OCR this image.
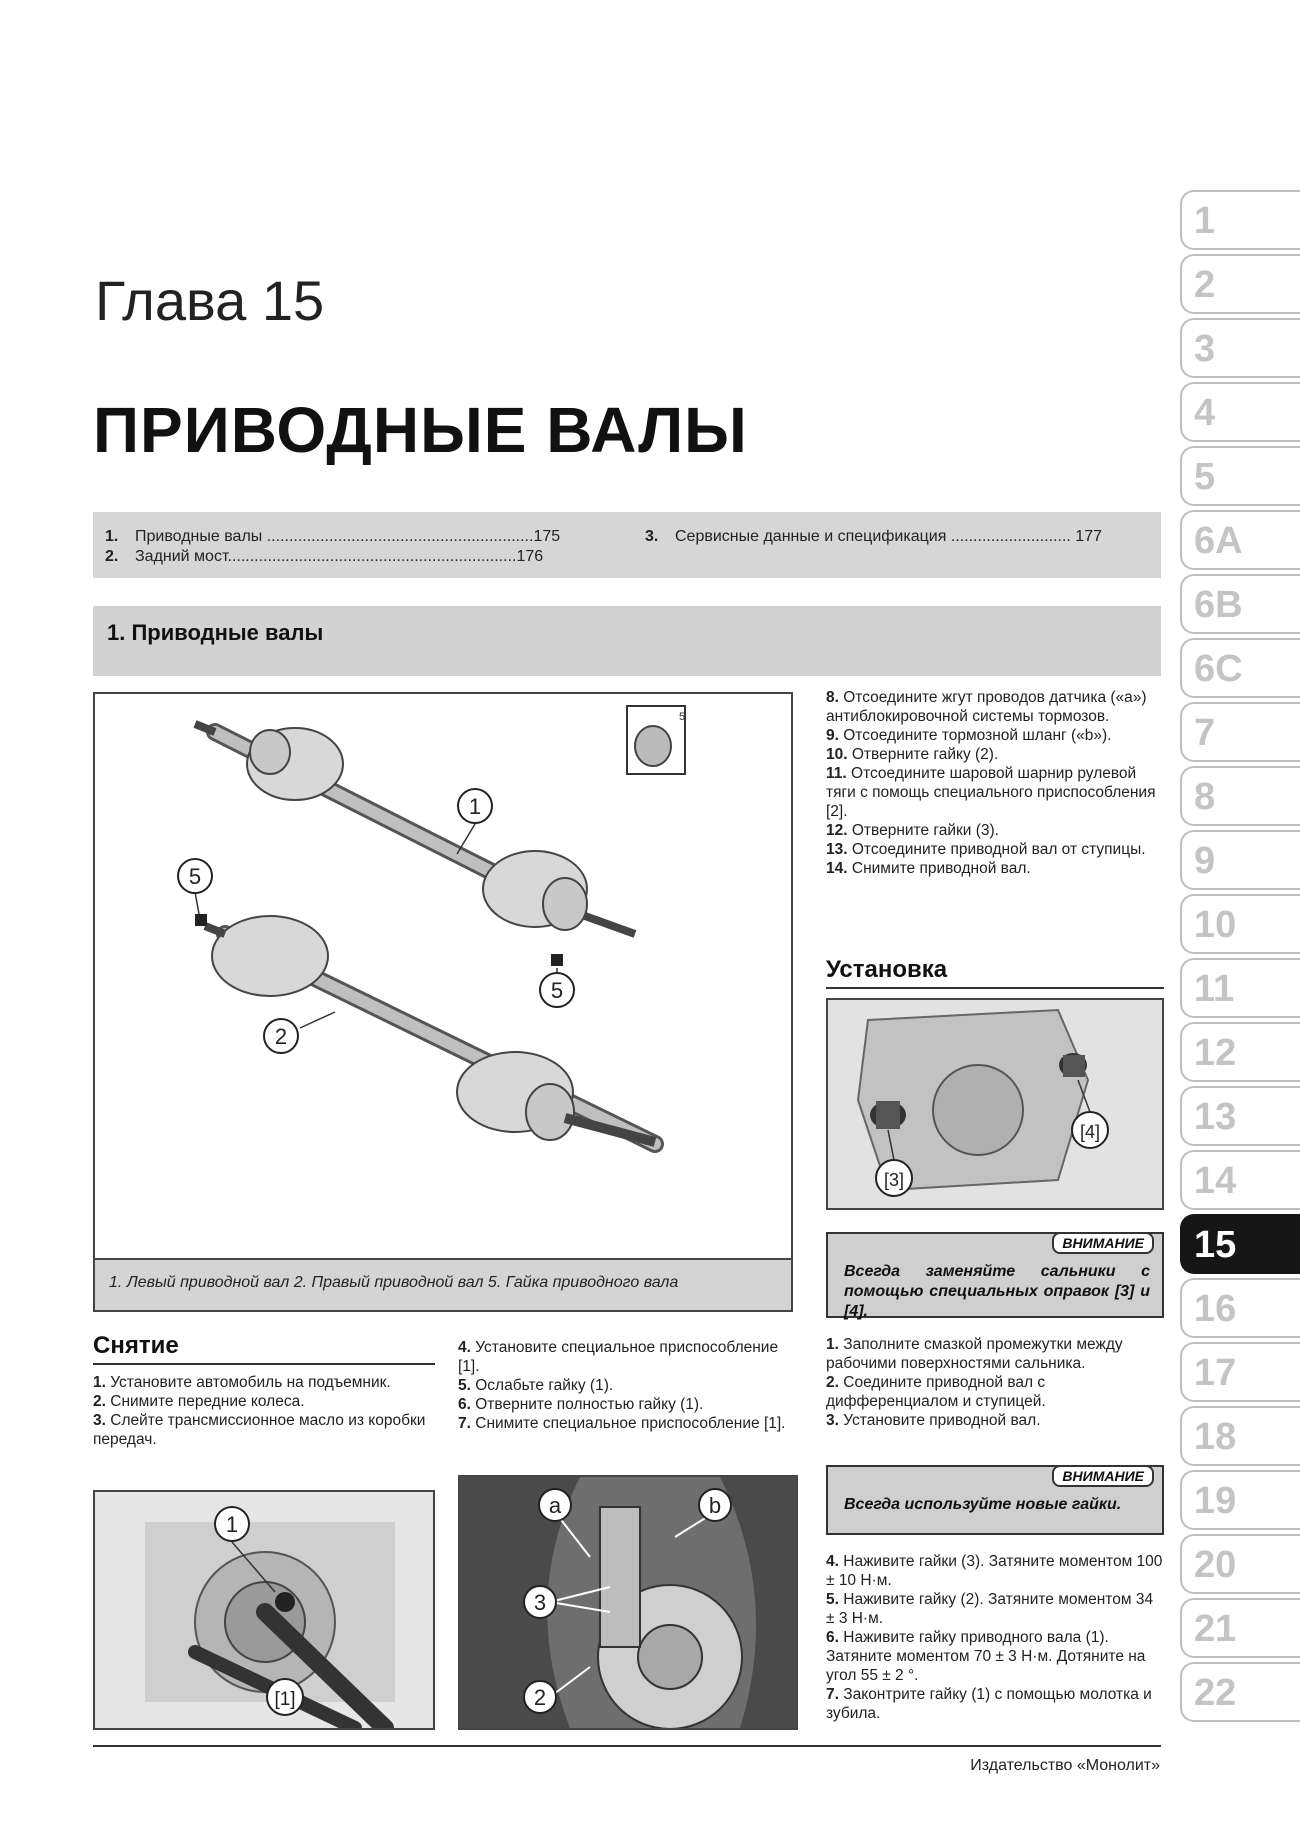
Глава 15
ПРИВОДНЫЕ ВАЛЫ
1. Приводные валы ............................................................175
2. Задний мост.................................................................176
3. Сервисные данные и спецификация ........................... 177
1. Приводные валы
5
1
2
5
5
1. Левый приводной вал 2. Правый приводной вал 5. Гайка приводного вала
Снятие

1. Установите автомобиль на подъемник.

2. Снимите передние колеса.

3. Слейте трансмиссионное масло из коробки передач.

4. Установите специальное приспособление [1].

5. Ослабьте гайку (1).

6. Отверните полностью гайку (1).

7. Снимите специальное приспособление [1].

1
[1]
a	b
3
2

8. Отсоедините жгут проводов датчика («а») антиблокировочной системы тормозов.

9. Отсоедините тормозной шланг («b»).

10. Отверните гайку (2).

11. Отсоедините шаровой шарнир рулевой тяги с помощь специального приспособления [2].

12. Отверните гайки (3).

13. Отсоедините приводной вал от ступицы.

14. Снимите приводной вал.

Установка
[3]
[4]
ВНИМАНИЕ
Всегда заменяйте сальники с помощью специальных оправок [3] и [4].

1. Заполните смазкой промежутки между рабочими поверхностями сальника.

2. Соедините приводной вал с дифференциалом и ступицей.

3. Установите приводной вал.

ВНИМАНИЕ
Всегда используйте новые гайки.

4. Наживите гайки (3). Затяните моментом 100 ± 10 Н·м.

5. Наживите гайку (2). Затяните моментом 34 ± 3 Н·м.

6. Наживите гайку приводного вала (1). Затяните моментом 70 ± 3 Н·м. Дотяните на угол 55 ± 2 °.

7. Законтрите гайку (1) с помощью молотка и зубила.

1
2
3
4
5
6A
6B
6C
7
8
9
10
11
12
13
14
15
16
17
18
19
20
21
22
Издательство «Монолит»
